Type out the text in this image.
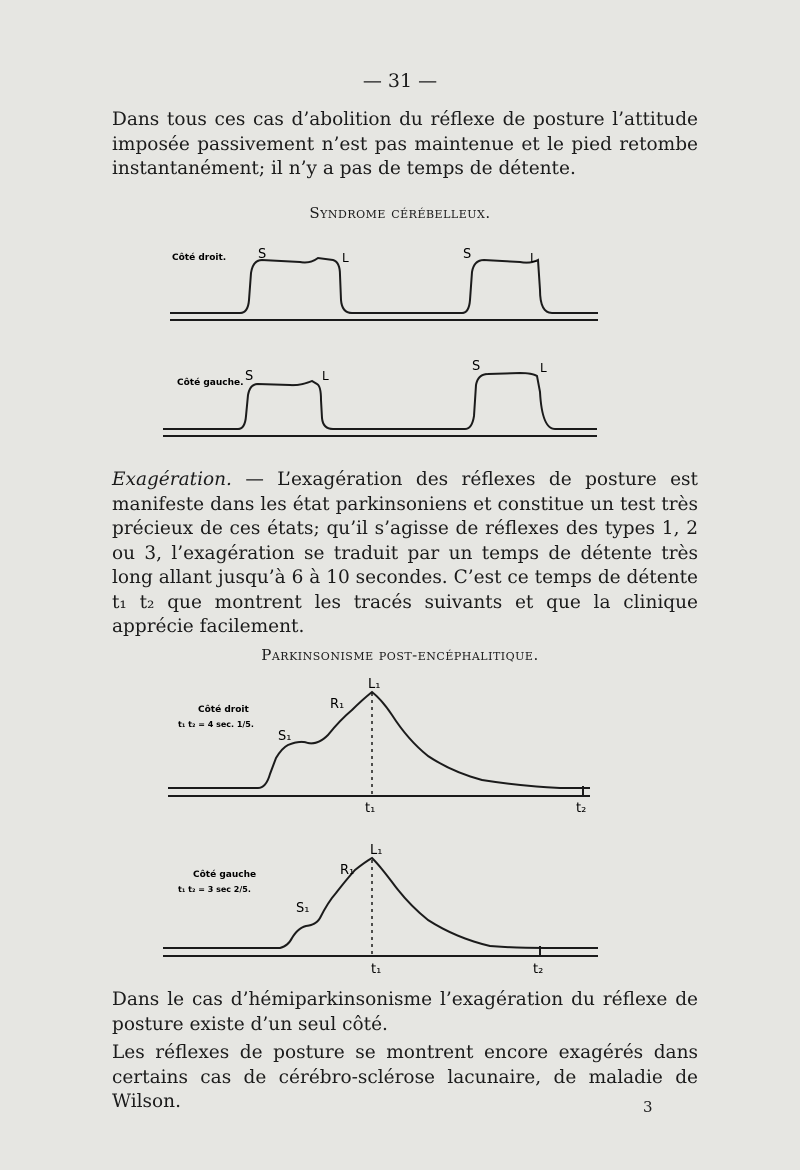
— 31 —

Dans tous ces cas d’abolition du réflexe de posture l’attitude imposée passivement n’est pas maintenue et le pied retombe instantanément; il n’y a pas de temps de détente.

Syndrome cérébelleux.
Côté droit.
Côté gauche.
S	L	S	L
S	L
S	L

Exagération. — L’exagération des réflexes de posture est manifeste dans les état parkinsoniens et constitue un test très précieux de ces états; qu’il s’agisse de réflexes des types 1, 2 ou 3, l’exagération se traduit par un temps de détente très long allant jusqu’à 6 à 10 secondes. C’est ce temps de détente t₁ t₂ que montrent les tracés suivants et que la clinique apprécie facilement.

Parkinsonisme post-encéphalitique.
Côté droit
t₁ t₂ = 4 sec. 1/5.
Côté gauche
t₁ t₂ = 3 sec 2/5.
S₁
R₁
L₁
t₁	t₂
S₁
R₁
L₁
t₁	t₂

Dans le cas d’hémiparkinsonisme l’exagération du réflexe de posture existe d’un seul côté.

Les réflexes de posture se montrent encore exagérés dans certains cas de cérébro-sclérose lacunaire, de maladie de Wilson.	3
